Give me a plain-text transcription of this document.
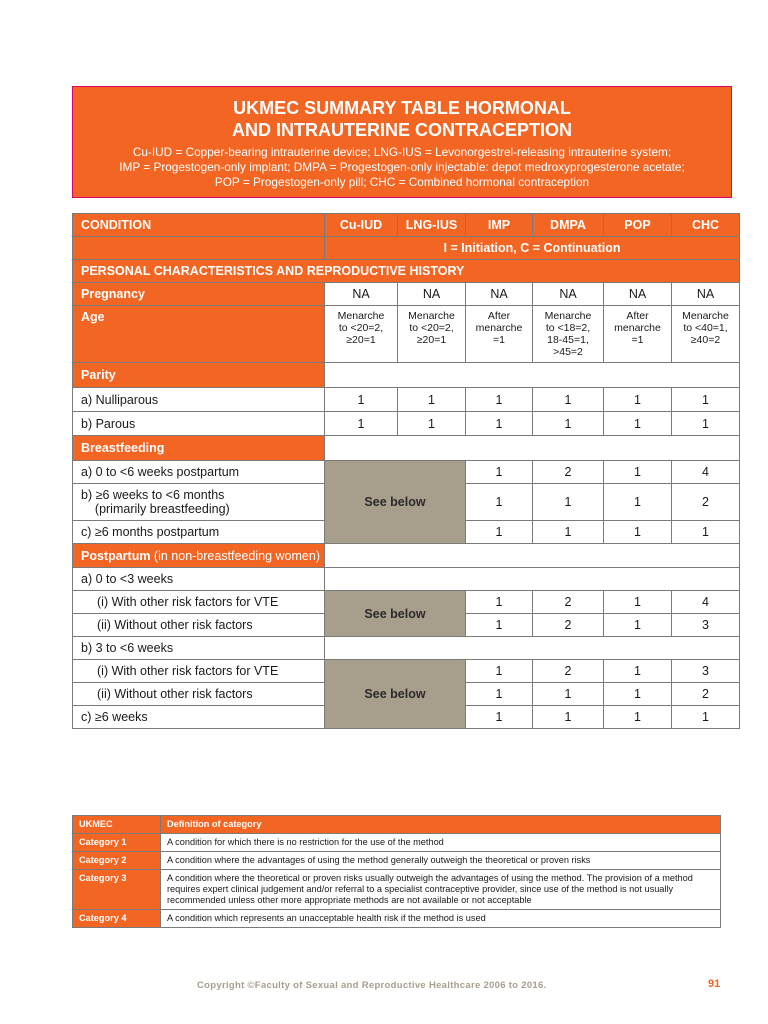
UKMEC SUMMARY TABLE HORMONAL
AND INTRAUTERINE CONTRACEPTION
Cu-IUD = Copper-bearing intrauterine device; LNG-IUS = Levonorgestrel-releasing intrauterine system;
IMP = Progestogen-only implant; DMPA = Progestogen-only injectable: depot medroxyprogesterone acetate;
POP = Progestogen-only pill; CHC = Combined hormonal contraception
CONDITION	Cu-IUD	LNG-IUS	IMP	DMPA	POP	CHC
	I = Initiation, C = Continuation					
PERSONAL CHARACTERISTICS AND REPRODUCTIVE HISTORY						
Pregnancy	NA	NA	NA	NA	NA	NA
Age	Menarche
to <20=2,
≥20=1	Menarche
to <20=2,
≥20=1	After
menarche
=1	Menarche
to <18=2,
18-45=1,
>45=2	After
menarche
=1	Menarche
to <40=1,
≥40=2
Parity						
a) Nulliparous	1	1	1	1	1	1
b) Parous	1	1	1	1	1	1
Breastfeeding						
a) 0 to <6 weeks postpartum	See below		1	2	1	4
b) ≥6 weeks to <6 months
(primarily breastfeeding)			1	1	1	2
c) ≥6 months postpartum			1	1	1	1
Postpartum (in non-breastfeeding women)						
a) 0 to <3 weeks						
(i) With other risk factors for VTE	See below		1	2	1	4
(ii) Without other risk factors			1	2	1	3
b) 3 to <6 weeks						
(i) With other risk factors for VTE	See below		1	2	1	3
(ii) Without other risk factors			1	1	1	2
c) ≥6 weeks			1	1	1	1
UKMEC	Definition of category
Category 1	A condition for which there is no restriction for the use of the method
Category 2	A condition where the advantages of using the method generally outweigh the theoretical or proven risks
Category 3	A condition where the theoretical or proven risks usually outweigh the advantages of using the method. The provision of a method requires expert clinical judgement and/or referral to a specialist contraceptive provider, since use of the method is not usually recommended unless other more appropriate methods are not available or not acceptable
Category 4	A condition which represents an unacceptable health risk if the method is used
Copyright ©Faculty of Sexual and Reproductive Healthcare 2006 to 2016.	91
